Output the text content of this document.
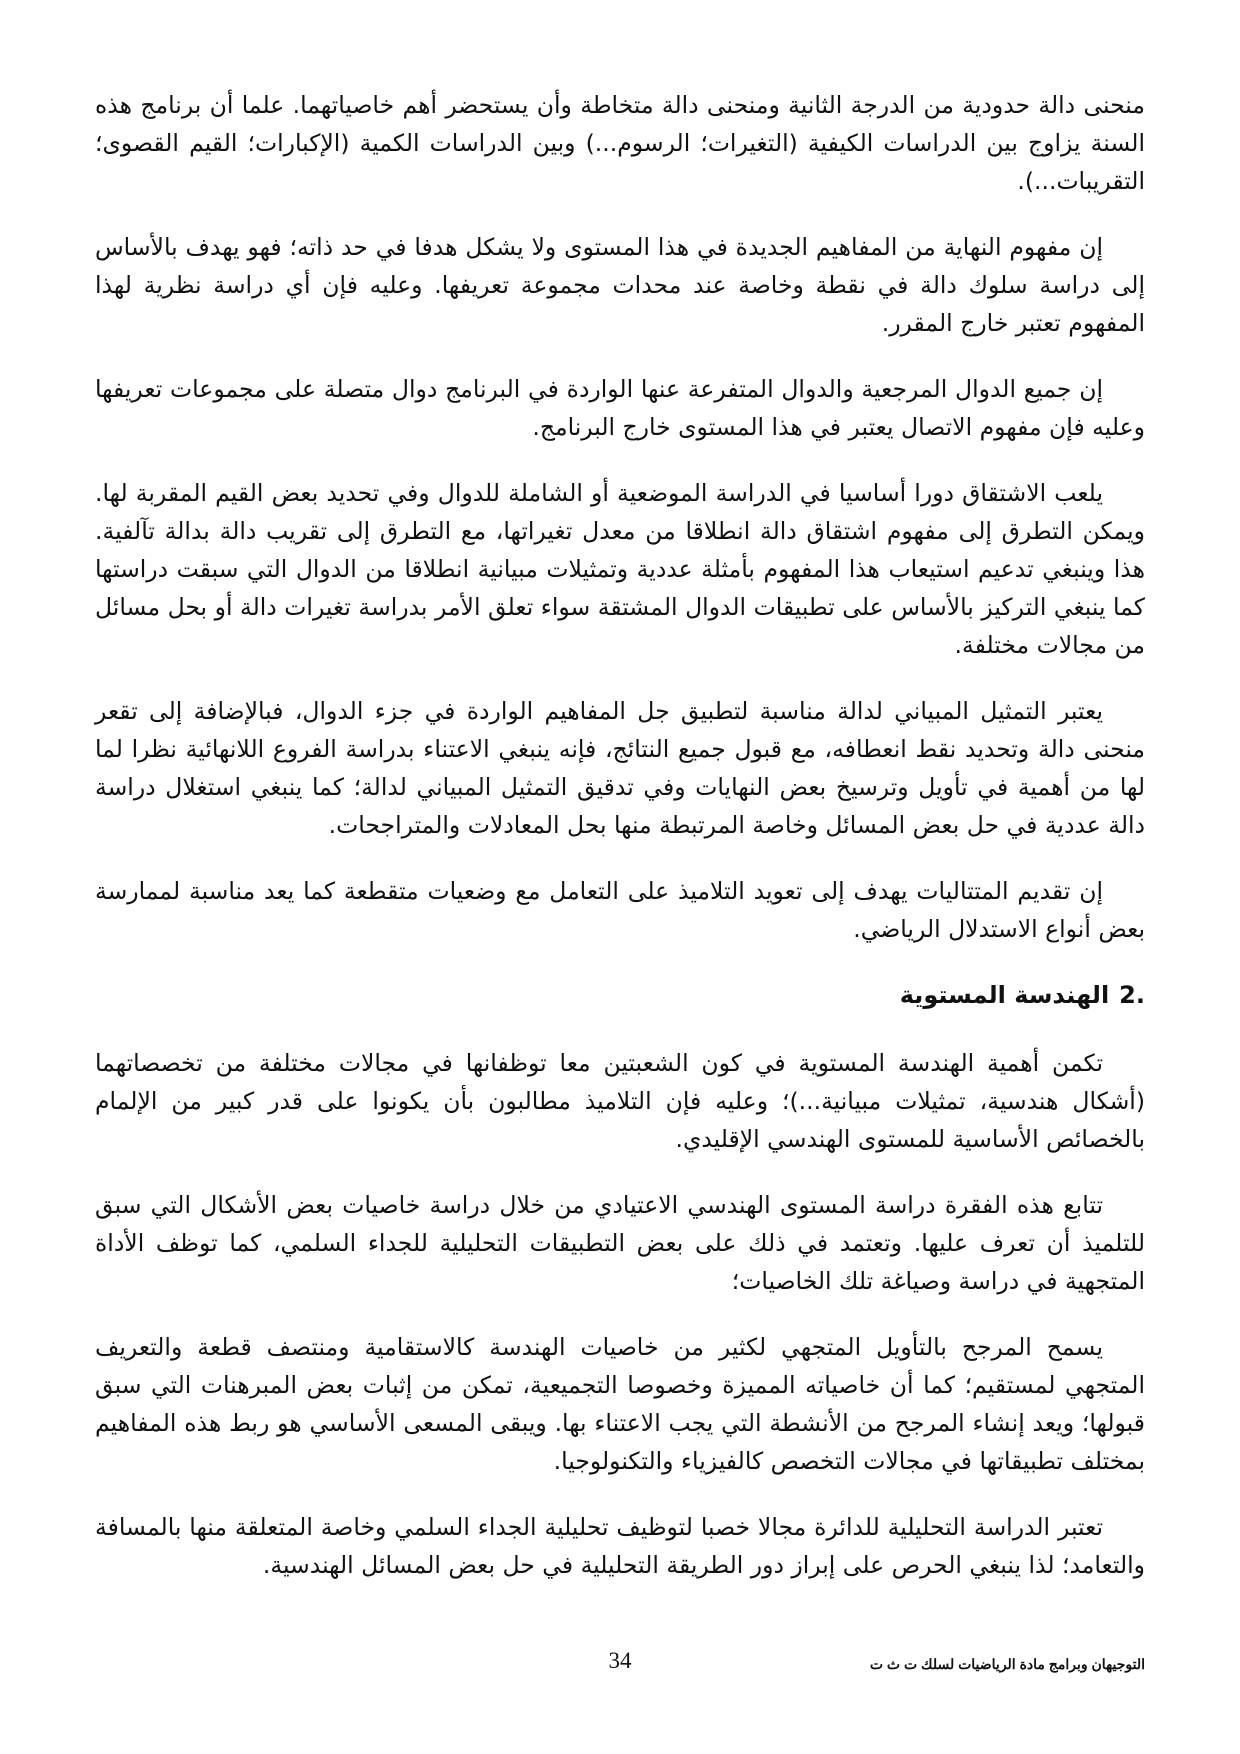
منحنى دالة حدودية من الدرجة الثانية ومنحنى دالة متخاطة وأن يستحضر أهم خاصياتهما. علما أن برنامج هذه السنة يزاوج بين الدراسات الكيفية (التغيرات؛ الرسوم...) وبين الدراسات الكمية (الإكبارات؛ القيم القصوى؛ التقريبات...).

إن مفهوم النهاية من المفاهيم الجديدة في هذا المستوى ولا يشكل هدفا في حد ذاته؛ فهو يهدف بالأساس إلى دراسة سلوك دالة في نقطة وخاصة عند محدات مجموعة تعريفها. وعليه فإن أي دراسة نظرية لهذا المفهوم تعتبر خارج المقرر.

إن جميع الدوال المرجعية والدوال المتفرعة عنها الواردة في البرنامج دوال متصلة على مجموعات تعريفها وعليه فإن مفهوم الاتصال يعتبر في هذا المستوى خارج البرنامج.

يلعب الاشتقاق دورا أساسيا في الدراسة الموضعية أو الشاملة للدوال وفي تحديد بعض القيم المقربة لها. ويمكن التطرق إلى مفهوم اشتقاق دالة انطلاقا من معدل تغيراتها، مع التطرق إلى تقريب دالة بدالة تآلفية. هذا وينبغي تدعيم استيعاب هذا المفهوم بأمثلة عددية وتمثيلات مبيانية انطلاقا من الدوال التي سبقت دراستها كما ينبغي التركيز بالأساس على تطبيقات الدوال المشتقة سواء تعلق الأمر بدراسة تغيرات دالة أو بحل مسائل من مجالات مختلفة.

يعتبر التمثيل المبياني لدالة مناسبة لتطبيق جل المفاهيم الواردة في جزء الدوال، فبالإضافة إلى تقعر منحنى دالة وتحديد نقط انعطافه، مع قبول جميع النتائج، فإنه ينبغي الاعتناء بدراسة الفروع اللانهائية نظرا لما لها من أهمية في تأويل وترسيخ بعض النهايات وفي تدقيق التمثيل المبياني لدالة؛ كما ينبغي استغلال دراسة دالة عددية في حل بعض المسائل وخاصة المرتبطة منها بحل المعادلات والمتراجحات.

إن تقديم المتتاليات يهدف إلى تعويد التلاميذ على التعامل مع وضعيات متقطعة كما يعد مناسبة لممارسة بعض أنواع الاستدلال الرياضي.

.2
الهندسة المستوية

تكمن أهمية الهندسة المستوية في كون الشعبتين معا توظفانها في مجالات مختلفة من تخصصاتهما (أشكال هندسية، تمثيلات مبيانية...)؛ وعليه فإن التلاميذ مطالبون بأن يكونوا على قدر كبير من الإلمام بالخصائص الأساسية للمستوى الهندسي الإقليدي.

تتابع هذه الفقرة دراسة المستوى الهندسي الاعتيادي من خلال دراسة خاصيات بعض الأشكال التي سبق للتلميذ أن تعرف عليها. وتعتمد في ذلك على بعض التطبيقات التحليلية للجداء السلمي، كما توظف الأداة المتجهية في دراسة وصياغة تلك الخاصيات؛

يسمح المرجح بالتأويل المتجهي لكثير من خاصيات الهندسة كالاستقامية ومنتصف قطعة والتعريف المتجهي لمستقيم؛ كما أن خاصياته المميزة وخصوصا التجميعية، تمكن من إثبات بعض المبرهنات التي سبق قبولها؛ ويعد إنشاء المرجح من الأنشطة التي يجب الاعتناء بها. ويبقى المسعى الأساسي هو ربط هذه المفاهيم بمختلف تطبيقاتها في مجالات التخصص كالفيزياء والتكنولوجيا.

تعتبر الدراسة التحليلية للدائرة مجالا خصبا لتوظيف تحليلية الجداء السلمي وخاصة المتعلقة منها بالمسافة والتعامد؛ لذا ينبغي الحرص على إبراز دور الطريقة التحليلية في حل بعض المسائل الهندسية.

التوجيهان وبرامج مادة الرياضيات لسلك ت ث ت
34
